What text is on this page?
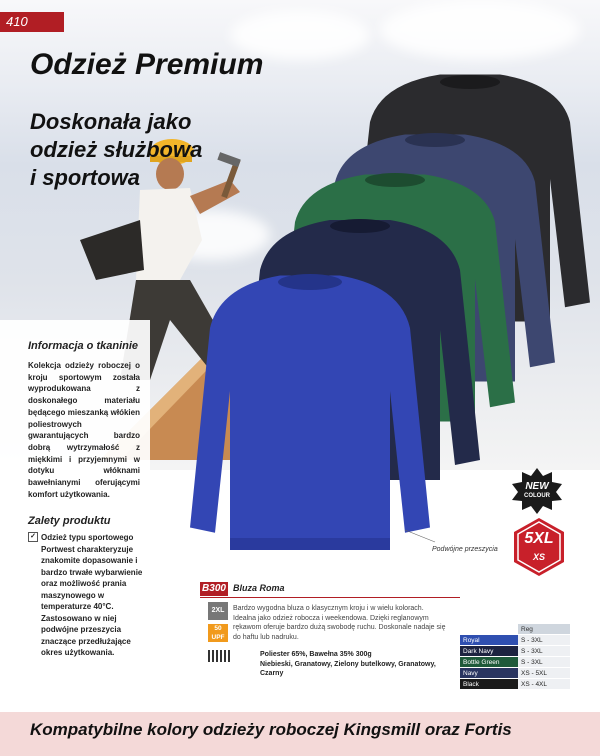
410
Odzież Premium
Doskonała jako odzież służbowa i sportowa
Informacja o tkaninie
Kolekcja odzieży roboczej o kroju sportowym została wyprodukowana z doskonałego materiału będącego mieszanką włókien poliestrowych gwarantujących bardzo dobrą wytrzymałość z miękkimi i przyjemnymi w dotyku włóknami bawełnianymi oferującymi komfort użytkowania.
Zalety produktu
✓ Odzież typu sportowego Portwest charakteryzuje znakomite dopasowanie i bardzo trwałe wybarwienie oraz możliwość prania maszynowego w temperaturze 40°C. Zastosowano w niej podwójne przeszycia znaczące przedłużające okres użytkowania.
Podwójne przeszycia
NEW
COLOUR
5XL
XS
B300 Bluza Roma
Bardzo wygodna bluza o klasycznym kroju i w wielu kolorach. Idealna jako odzież robocza i weekendowa. Dzięki reglanowym rękawom oferuje bardzo dużą swobodę ruchu. Doskonale nadaje się do haftu lub nadruku.
2XL
50 UPF
Poliester 65%, Bawełna 35% 300g
Niebieski, Granatowy, Zielony butelkowy, Granatowy, Czarny
	Reg
Royal	S - 3XL
Dark Navy	S - 3XL
Bottle Green	S - 3XL
Navy	XS - 5XL
Black	XS - 4XL
Kompatybilne kolory odzieży roboczej Kingsmill oraz Fortis
